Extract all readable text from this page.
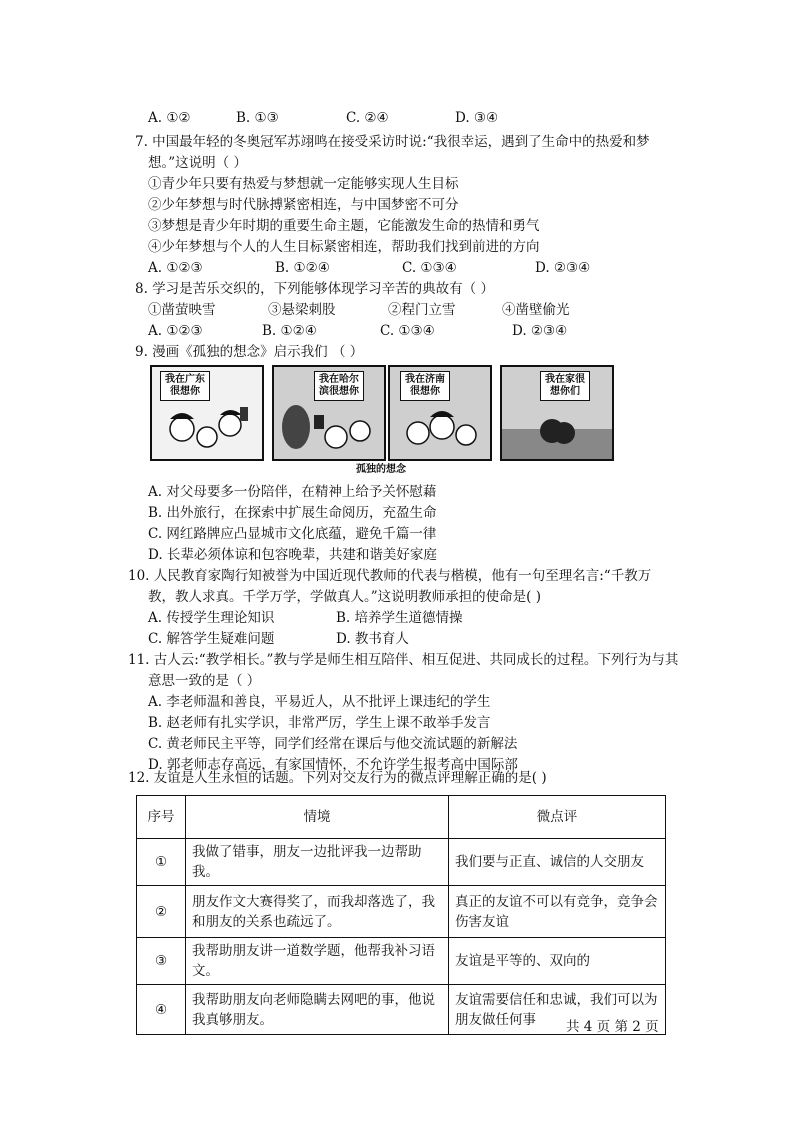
A. ①②	B. ①③	C. ②④	D. ③④
7. 中国最年轻的冬奥冠军苏翊鸣在接受采访时说:“我很幸运，遇到了生命中的热爱和梦
想。”这说明（ ）
①青少年只要有热爱与梦想就一定能够实现人生目标
②少年梦想与时代脉搏紧密相连，与中国梦密不可分
③梦想是青少年时期的重要生命主题，它能激发生命的热情和勇气
④少年梦想与个人的人生目标紧密相连，帮助我们找到前进的方向
A. ①②③	B. ①②④	C. ①③④	D. ②③④
8. 学习是苦乐交织的，下列能够体现学习辛苦的典故有（ ）
①凿萤映雪	③悬梁刺股	②程门立雪	④凿壁偷光
A. ①②③	B. ①②④	C. ①③④	D. ②③④
9. 漫画《孤独的想念》启示我们 （ ）
我在广东
很想你
我在哈尔
滨很想你
我在济南
很想你
我在家很
想你们
孤独的想念
A. 对父母要多一份陪伴，在精神上给予关怀慰藉
B. 出外旅行，在探索中扩展生命阅历，充盈生命
C. 网红路牌应凸显城市文化底蕴，避免千篇一律
D. 长辈必须体谅和包容晚辈，共建和谐美好家庭
10. 人民教育家陶行知被誉为中国近现代教师的代表与楷模，他有一句至理名言:“千教万
教，教人求真。千学万学，学做真人。”这说明教师承担的使命是( )
A. 传授学生理论知识	B. 培养学生道德情操
C. 解答学生疑难问题	D. 教书育人
11. 古人云:“教学相长。”教与学是师生相互陪伴、相互促进、共同成长的过程。下列行为与其
意思一致的是（ ）
A. 李老师温和善良，平易近人，从不批评上课违纪的学生
B. 赵老师有扎实学识，非常严厉，学生上课不敢举手发言
C. 黄老师民主平等，同学们经常在课后与他交流试题的新解法
D. 郭老师志存高远，有家国情怀，不允许学生报考高中国际部
12. 友谊是人生永恒的话题。下列对交友行为的微点评理解正确的是( )
序号	情境	微点评
①	我做了错事，朋友一边批评我一边帮助我。	我们要与正直、诚信的人交朋友
②	朋友作文大赛得奖了，而我却落选了，我和朋友的关系也疏远了。	真正的友谊不可以有竞争，竞争会伤害友谊
③	我帮助朋友讲一道数学题，他帮我补习语文。	友谊是平等的、双向的
④	我帮助朋友向老师隐瞒去网吧的事，他说我真够朋友。	友谊需要信任和忠诚，我们可以为朋友做任何事 共 4 页 第 2 页
